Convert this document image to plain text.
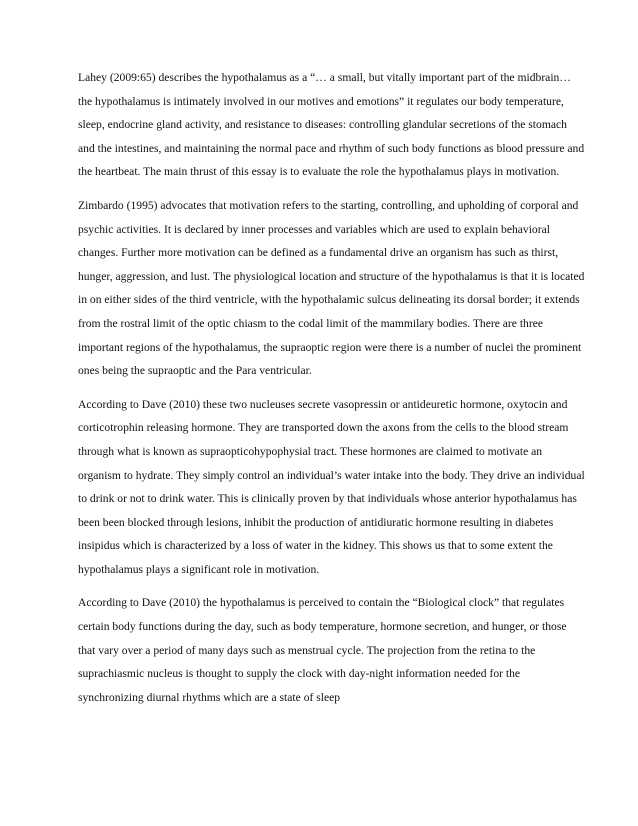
Lahey (2009:65) describes the hypothalamus as a “… a small, but vitally important part of the midbrain… the hypothalamus is intimately involved in our motives and emotions” it regulates our body temperature, sleep, endocrine gland activity, and resistance to diseases: controlling glandular secretions of the stomach and the intestines, and maintaining the normal pace and rhythm of such body functions as blood pressure and the heartbeat. The main thrust of this essay is to evaluate the role the hypothalamus plays in motivation.

Zimbardo (1995) advocates that motivation refers to the starting, controlling, and upholding of corporal and psychic activities. It is declared by inner processes and variables which are used to explain behavioral changes. Further more motivation can be defined as a fundamental drive an organism has such as thirst, hunger, aggression, and lust. The physiological location and structure of the hypothalamus is that it is located in on either sides of the third ventricle, with the hypothalamic sulcus delineating its dorsal border; it extends from the rostral limit of the optic chiasm to the codal limit of the mammilary bodies. There are three important regions of the hypothalamus, the supraoptic region were there is a number of nuclei the prominent ones being the supraoptic and the Para ventricular.

According to Dave (2010) these two nucleuses secrete vasopressin or antideuretic hormone, oxytocin and corticotrophin releasing hormone. They are transported down the axons from the cells to the blood stream through what is known as supraopticohypophysial tract. These hormones are claimed to motivate an organism to hydrate. They simply control an individual’s water intake into the body. They drive an individual to drink or not to drink water. This is clinically proven by that individuals whose anterior hypothalamus has been been blocked through lesions, inhibit the production of antidiuratic hormone resulting in diabetes insipidus which is characterized by a loss of water in the kidney. This shows us that to some extent the hypothalamus plays a significant role in motivation.

According to Dave (2010) the hypothalamus is perceived to contain the “Biological clock” that regulates certain body functions during the day, such as body temperature, hormone secretion, and hunger, or those that vary over a period of many days such as menstrual cycle. The projection from the retina to the suprachiasmic nucleus is thought to supply the clock with day-night information needed for the synchronizing diurnal rhythms which are a state of sleep
